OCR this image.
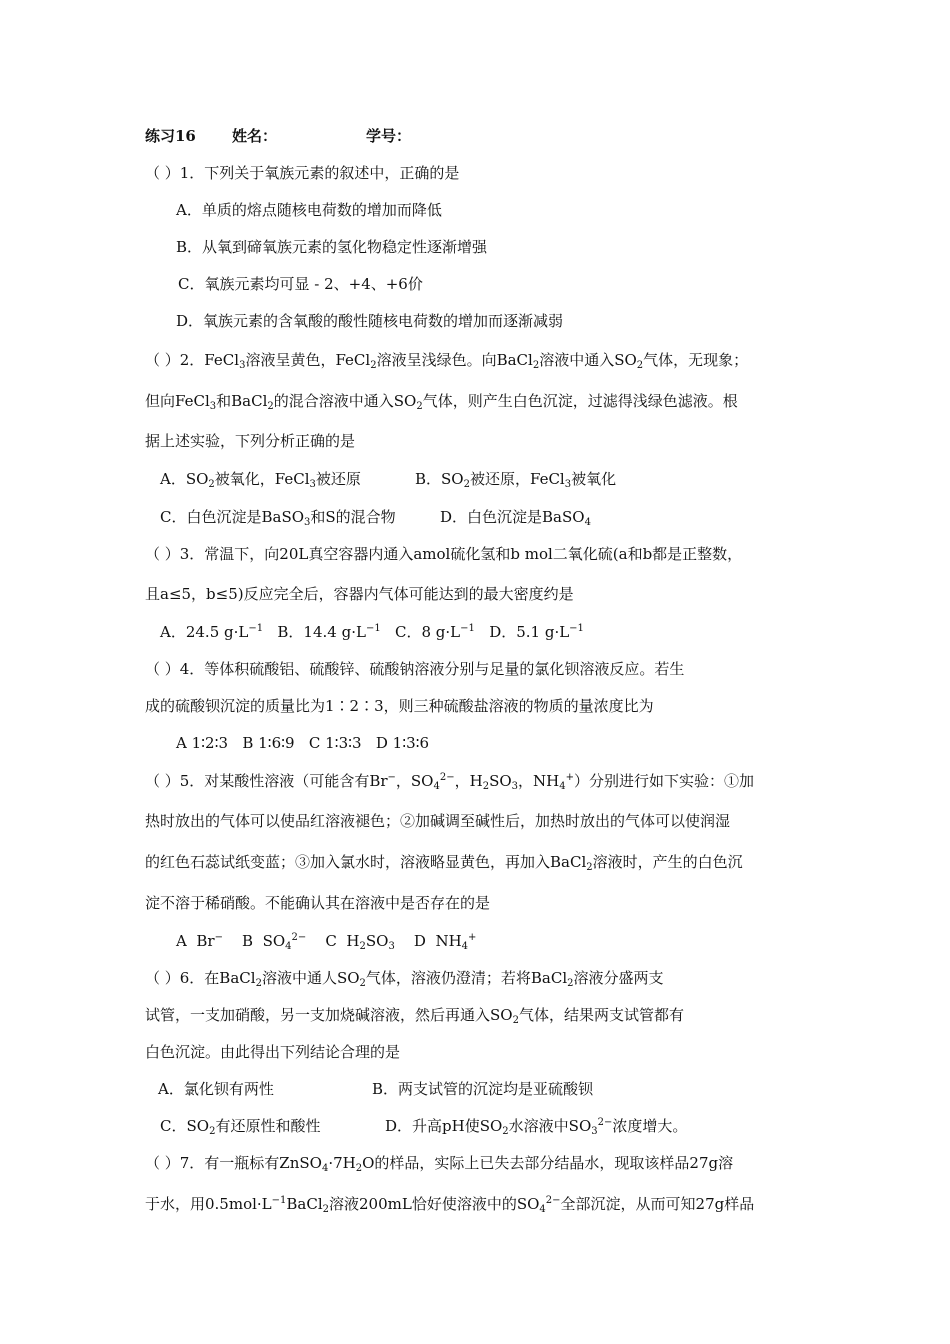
练习16 姓名：	学号：
（ ）1．下列关于氧族元素的叙述中，正确的是
A．单质的熔点随核电荷数的增加而降低
B．从氧到碲氧族元素的氢化物稳定性逐渐增强
C．氧族元素均可显 - 2、+4、+6价
D．氧族元素的含氧酸的酸性随核电荷数的增加而逐渐减弱
（ ）2．FeCl$_3$溶液呈黄色，FeCl$_2$溶液呈浅绿色。向BaCl$_2$溶液中通入$SO_2$气体，无现象；
但向FeCl$_3$和BaCl$_2$的混合溶液中通入$SO_2$气体，则产生白色沉淀，过滤得浅绿色滤液。根
据上述实验，下列分析正确的是
A．$SO_2$被氧化，FeCl$_3$被还原	B．$SO_2$被还原，FeCl$_3$被氧化
C．白色沉淀是BaSO$_3$和S的混合物	D．白色沉淀是BaSO$_4$
（ ）3．常温下，向20L真空容器内通入amol硫化氢和b mol二氧化硫(a和b都是正整数，
且a≤5，b≤5)反应完全后，容器内气体可能达到的最大密度约是
A．24.5 $g\cdot L^{-1}$ B．14.4 $g\cdot L^{-1}$ C．8 $g\cdot L^{-1}$ D．5.1 $g\cdot L^{-1}$
（ ）4．等体积硫酸铝、硫酸锌、硫酸钠溶液分别与足量的氯化钡溶液反应。若生
成的硫酸钡沉淀的质量比为1∶2∶3，则三种硫酸盐溶液的物质的量浓度比为
A 1∶2∶3   B 1∶6∶9   C 1∶3∶3   D 1∶3∶6
（ ）5．对某酸性溶液（可能含有Br−，$SO_4^{2-}$，$H_2SO_3$，$NH_4^+$）分别进行如下实验：①加
热时放出的气体可以使品红溶液褪色；②加碱调至碱性后，加热时放出的气体可以使润湿
的红色石蕊试纸变蓝；③加入氯水时，溶液略显黄色，再加入BaCl$_2$溶液时，产生的白色沉
淀不溶于稀硝酸。不能确认其在溶液中是否存在的是
A  Br− B  $SO_4^{2-}$ C  $H_2SO_3$ D  $NH_4^+$
（ ）6．在BaCl$_2$溶液中通人$SO_2$气体，溶液仍澄清；若将BaCl$_2$溶液分盛两支
试管，一支加硝酸，另一支加烧碱溶液，然后再通入$SO_2$气体，结果两支试管都有
白色沉淀。由此得出下列结论合理的是
A．氯化钡有两性	B．两支试管的沉淀均是亚硫酸钡
C．$SO_2$有还原性和酸性	D．升高pH使$SO_2$水溶液中$SO_3^{2-}$浓度增大。
（ ）7．有一瓶标有$ZnSO_4\cdot 7H_2O$的样品，实际上已失去部分结晶水，现取该样品27g溶
于水，用$0.5mol\cdot L^{-1}BaCl_2$溶液200mL恰好使溶液中的$SO_4^{2-}$全部沉淀，从而可知27g样品
